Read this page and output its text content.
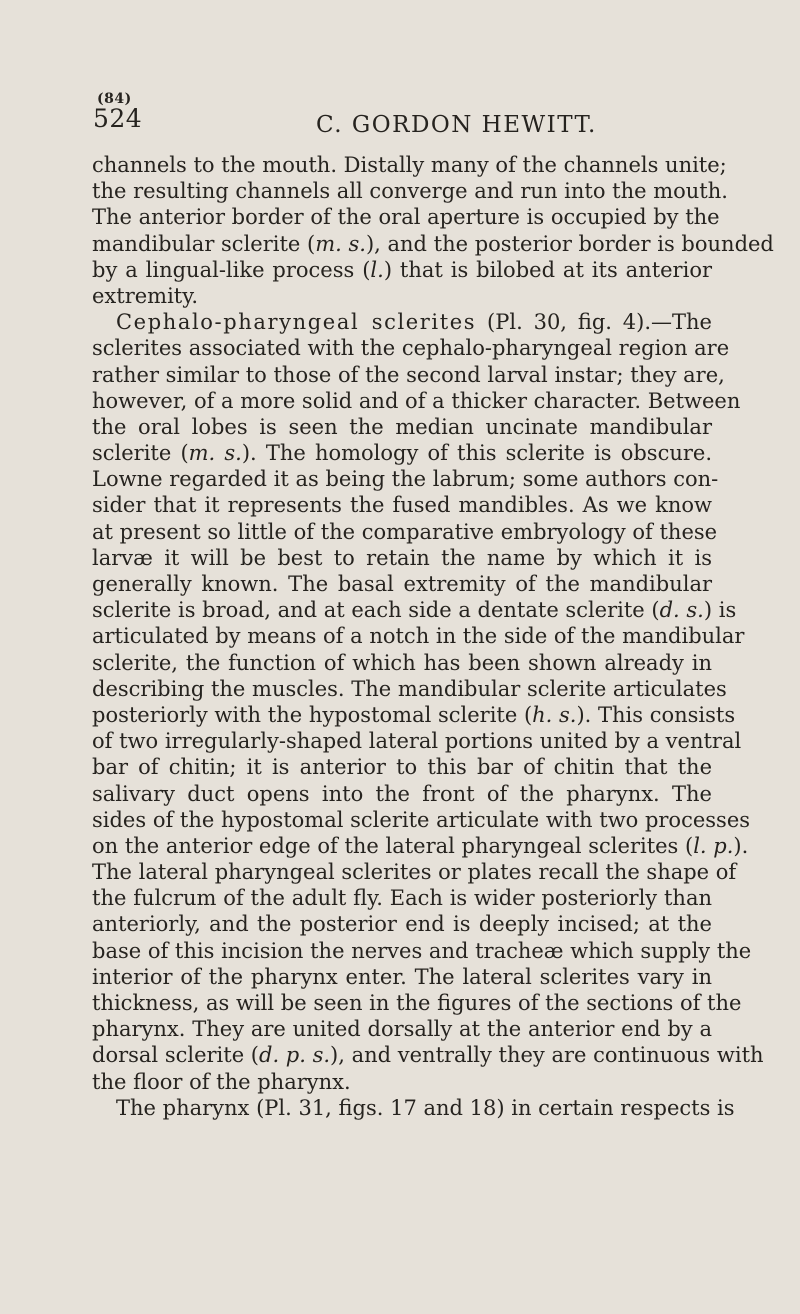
(84)
524	C. GORDON HEWITT.
channels to the mouth. Distally many of the channels unite;
the resulting channels all converge and run into the mouth.
The anterior border of the oral aperture is occupied by the
mandibular sclerite (m. s.), and the posterior border is bounded
by a lingual-like process (l.) that is bilobed at its anterior
extremity.
Cephalo-pharyngeal sclerites (Pl. 30, fig. 4).—The
sclerites associated with the cephalo-pharyngeal region are
rather similar to those of the second larval instar; they are,
however, of a more solid and of a thicker character. Between
the oral lobes is seen the median uncinate mandibular
sclerite (m. s.). The homology of this sclerite is obscure.
Lowne regarded it as being the labrum; some authors con-
sider that it represents the fused mandibles. As we know
at present so little of the comparative embryology of these
larvæ it will be best to retain the name by which it is
generally known. The basal extremity of the mandibular
sclerite is broad, and at each side a dentate sclerite (d. s.) is
articulated by means of a notch in the side of the mandibular
sclerite, the function of which has been shown already in
describing the muscles. The mandibular sclerite articulates
posteriorly with the hypostomal sclerite (h. s.). This consists
of two irregularly-shaped lateral portions united by a ventral
bar of chitin; it is anterior to this bar of chitin that the
salivary duct opens into the front of the pharynx. The
sides of the hypostomal sclerite articulate with two processes
on the anterior edge of the lateral pharyngeal sclerites (l. p.).
The lateral pharyngeal sclerites or plates recall the shape of
the fulcrum of the adult fly. Each is wider posteriorly than
anteriorly, and the posterior end is deeply incised; at the
base of this incision the nerves and tracheæ which supply the
interior of the pharynx enter. The lateral sclerites vary in
thickness, as will be seen in the figures of the sections of the
pharynx. They are united dorsally at the anterior end by a
dorsal sclerite (d. p. s.), and ventrally they are continuous with
the floor of the pharynx.
The pharynx (Pl. 31, figs. 17 and 18) in certain respects is
